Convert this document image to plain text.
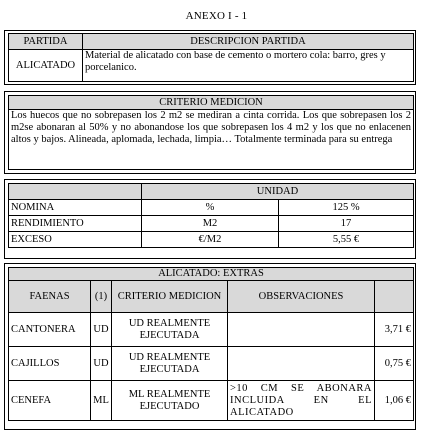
ANEXO I - 1
PARTIDA	DESCRIPCION PARTIDA
ALICATADO	Material de alicatado con base de cemento o mortero cola: barro, gres y porcelanico.
CRITERIO MEDICION
Los huecos que no sobrepasen los 2 m2 se mediran a cinta corrida. Los que sobrepasen los 2 m2se abonaran al 50% y no abonandose los que sobrepasen los 4 m2 y los que no enlacenen altos y bajos. Alineada, aplomada, lechada, limpia… Totalmente terminada para su entrega
	UNIDAD	
NOMINA	%	125 %
RENDIMIENTO	M2	17
EXCESO	€/M2	5,55 €
ALICATADO: EXTRAS				
FAENAS	(1)	CRITERIO MEDICION	OBSERVACIONES	
CANTONERA	UD	UD REALMENTE EJECUTADA		3,71 €
CAJILLOS	UD	UD REALMENTE EJECUTADA		0,75 €
CENEFA	ML	ML REALMENTE EJECUTADO	>10 CM SE ABONARA INCLUIDA EN EL ALICATADO	1,06 €
